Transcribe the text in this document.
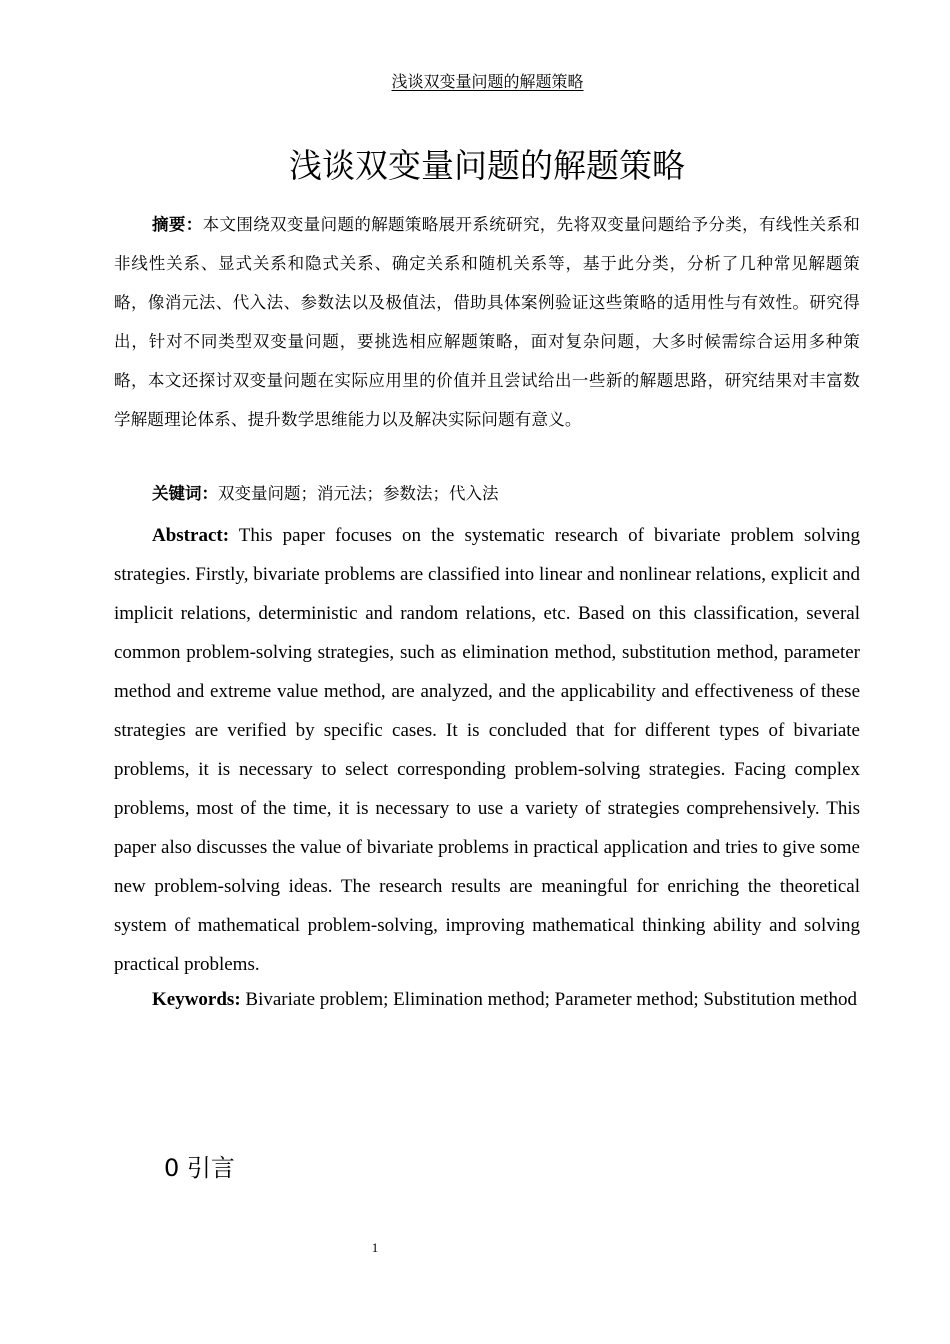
浅谈双变量问题的解题策略
浅谈双变量问题的解题策略

摘要：本文围绕双变量问题的解题策略展开系统研究，先将双变量问题给予分类，有线性关系和非线性关系、显式关系和隐式关系、确定关系和随机关系等，基于此分类，分析了几种常见解题策略，像消元法、代入法、参数法以及极值法，借助具体案例验证这些策略的适用性与有效性。研究得出，针对不同类型双变量问题，要挑选相应解题策略，面对复杂问题，大多时候需综合运用多种策略，本文还探讨双变量问题在实际应用里的价值并且尝试给出一些新的解题思路，研究结果对丰富数学解题理论体系、提升数学思维能力以及解决实际问题有意义。

关键词：双变量问题；消元法；参数法；代入法

Abstract: This paper focuses on the systematic research of bivariate problem solving strategies. Firstly, bivariate problems are classified into linear and nonlinear relations, explicit and implicit relations, deterministic and random relations, etc. Based on this classification, several common problem-solving strategies, such as elimination method, substitution method, parameter method and extreme value method, are analyzed, and the applicability and effectiveness of these strategies are verified by specific cases. It is concluded that for different types of bivariate problems, it is necessary to select corresponding problem-solving strategies. Facing complex problems, most of the time, it is necessary to use a variety of strategies comprehensively. This paper also discusses the value of bivariate problems in practical application and tries to give some new problem-solving ideas. The research results are meaningful for enriching the theoretical system of mathematical problem-solving, improving mathematical thinking ability and solving practical problems.

Keywords: Bivariate problem; Elimination method; Parameter method; Substitution method

0 引言
1
